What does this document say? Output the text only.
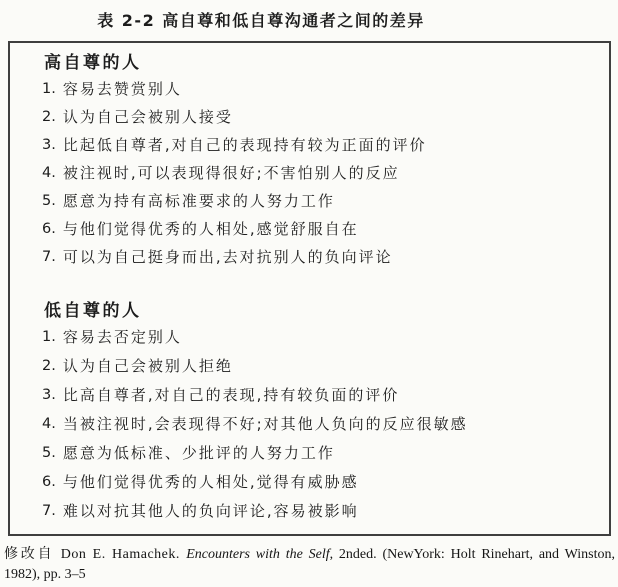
表 2-2 高自尊和低自尊沟通者之间的差异
高自尊的人
1. 容易去赞赏别人
2. 认为自己会被别人接受
3. 比起低自尊者,对自己的表现持有较为正面的评价
4. 被注视时,可以表现得很好;不害怕别人的反应
5. 愿意为持有高标准要求的人努力工作
6. 与他们觉得优秀的人相处,感觉舒服自在
7. 可以为自己挺身而出,去对抗别人的负向评论
低自尊的人
1. 容易去否定别人
2. 认为自己会被别人拒绝
3. 比高自尊者,对自己的表现,持有较负面的评价
4. 当被注视时,会表现得不好;对其他人负向的反应很敏感
5. 愿意为低标准、少批评的人努力工作
6. 与他们觉得优秀的人相处,觉得有威胁感
7. 难以对抗其他人的负向评论,容易被影响
修改自 Don E. Hamachek. Encounters with the Self, 2nded. (NewYork: Holt Rinehart, and Winston,
1982), pp. 3–5
